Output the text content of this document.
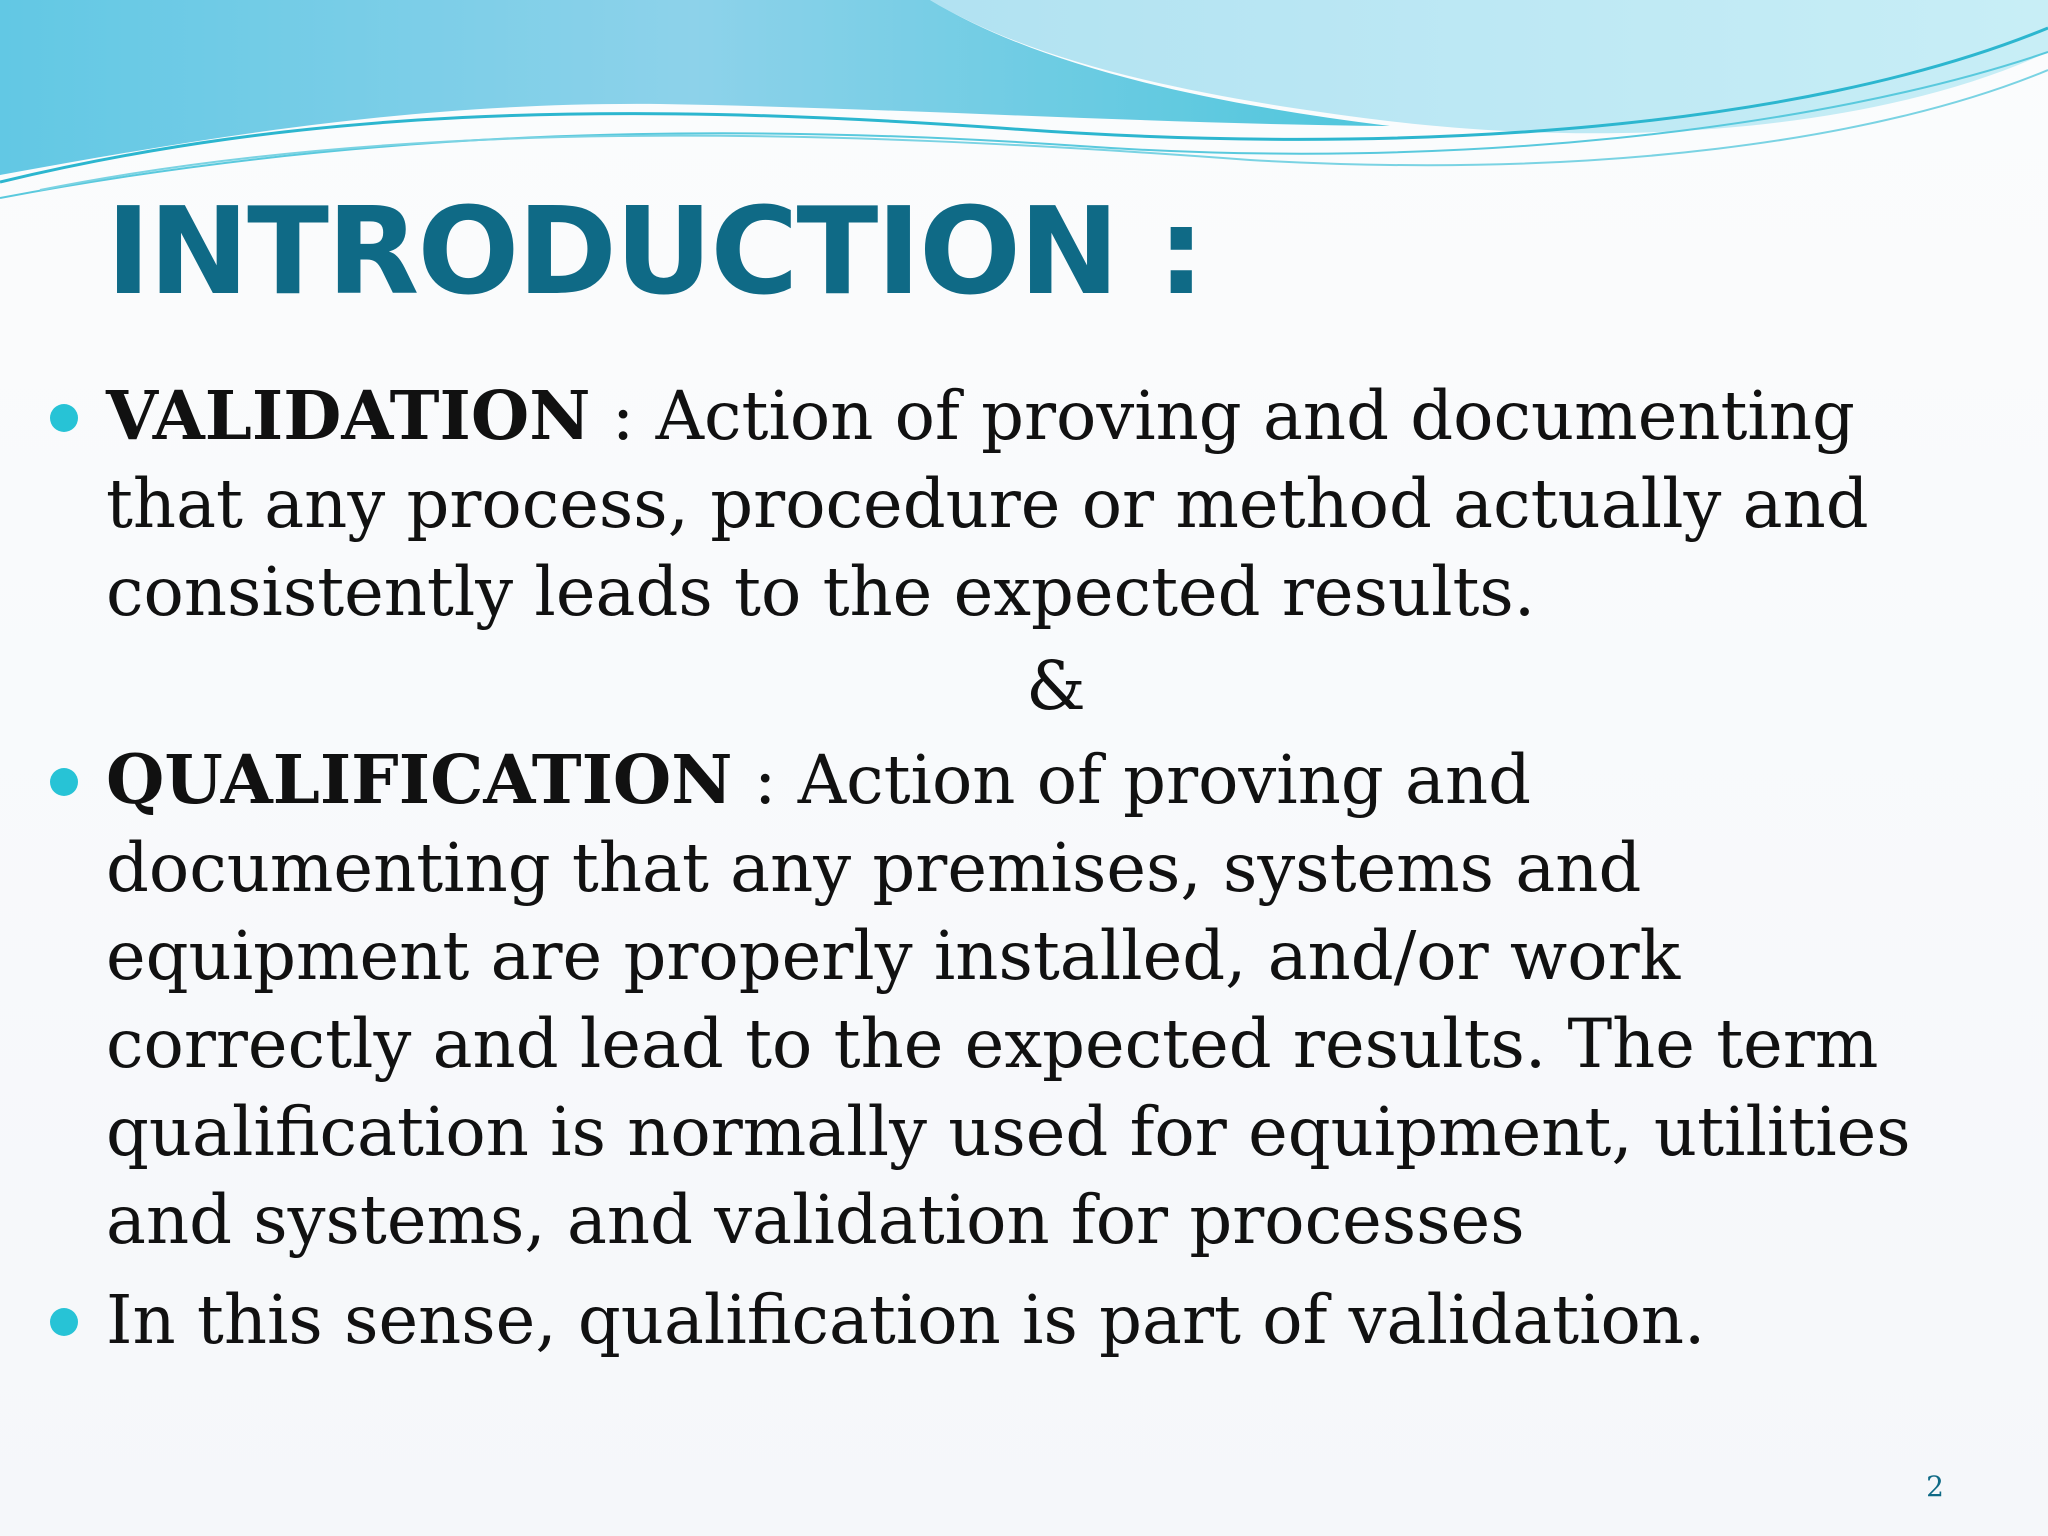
INTRODUCTION :
VALIDATION : Action of proving and documenting that any process, procedure or method actually and consistently leads to the expected results.
&
QUALIFICATION : Action of proving and documenting that any premises, systems and equipment are properly installed, and/or work correctly and lead to the expected results. The term qualification is normally used for equipment, utilities and systems, and validation for processes
In this sense, qualification is part of validation.
2
